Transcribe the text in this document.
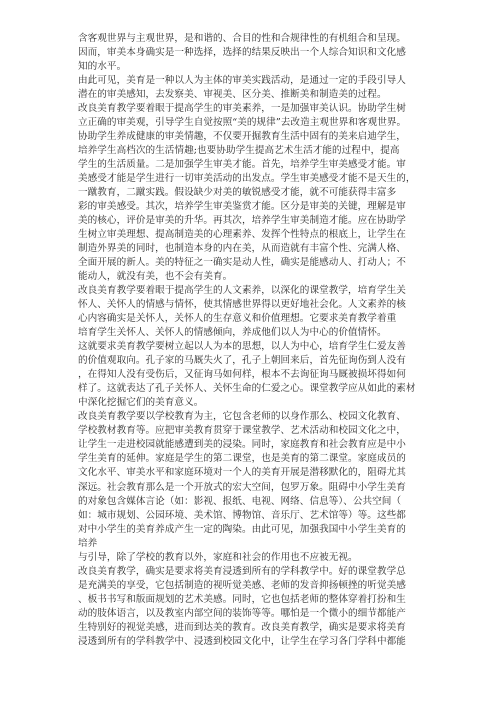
含客观世界与主观世界，是和谐的、合目的性和合规律性的有机组合和呈现。
因而，审美本身确实是一种选择，选择的结果反映出一个人综合知识和文化感
知的水平。
由此可见，美育是一种以人为主体的审美实践活动，是通过一定的手段引导人
潜在的审美感知，去发察美、审视美、区分美、推断美和制造美的过程。
改良美育教学要着眼于提高学生的审美素养，一是加强审美认识。协助学生树
立正确的审美观，引导学生自觉按照“美的规律”去改造主观世界和客观世界。
协助学生养成健康的审美情趣，不仅要开掘教育生活中固有的美来启迪学生，
培养学生高档次的生活情趣;也要协助学生提高艺术生活才能的过程中，提高
学生的生活质量。二是加强学生审美才能。首先，培养学生审美感受才能。审
美感受才能是学生进行一切审美活动的出发点。学生审美感受才能不是天生的，
一蹴教育，二蹴实践。假设缺少对美的敏锐感受才能，就不可能获得丰富多
彩的审美感受。其次，培养学生审美鉴赏才能。区分是审美的关键，理解是审
美的核心，评价是审美的升华。再其次，培养学生审美制造才能。应在协助学
生树立审美理想、提高制造美的心理素养、发挥个性特点的根底上，让学生在
制造外界美的同时，也制造本身的内在美，从而造就有丰富个性、完满人格、
全面开展的新人。美的特征之一确实是动人性，确实是能感动人、打动人；不
能动人，就没有美，也不会有美育。
改良美育教学要着眼于提高学生的人文素养，以深化的课堂教学，培育学生关
怀人、关怀人的情感与情怀，使其情感世界得以更好地社会化。人文素养的核
心内容确实是关怀人，关怀人的生存意义和价值理想。它要求美育教学着重
培育学生关怀人、关怀人的情感倾向，养成他们以人为中心的价值情怀。
这就要求美育教学要树立起以人为本的思想，以人为中心，培育学生仁爱友善
的价值观取向。孔子家的马厩失火了，孔子上朝回来后，首先征询伤到人没有
，在得知人没有受伤后，又征询马如何样，根本不去询征询马厩被损坏得如何
样了。这就表达了孔子关怀人、关怀生命的仁爱之心。课堂教学应从如此的素材
中深化挖掘它们的美育意义。
改良美育教学要以学校教育为主，它包含老师的以身作那么、校园文化教育、
学校教材教育等。应把审美教育贯穿于课堂教学、艺术活动和校园文化之中，
让学生一走进校园就能感遭到美的浸染。同时，家庭教育和社会教育应是中小
学生美育的延伸。家庭是学生的第二课堂，也是美育的第二课堂。家庭成员的
文化水平、审美水平和家庭环境对一个人的美育开展是潜移默化的，阻碍尤其
深远。社会教育那么是一个开放式的宏大空间，包罗万象。阻碍中小学生美育
的对象包含媒体言论（如：影视、报纸、电视、网络、信息等）、公共空间（
如：城市规划、公园环境、美术馆、博物馆、音乐厅、艺术馆等）等。这些都
对中小学生的美育养成产生一定的陶染。由此可见，加强我国中小学生美育的
培养
与引导，除了学校的教育以外，家庭和社会的作用也不应被无视。
改良美育教学，确实是要求将美育浸透到所有的学科教学中。好的课堂教学总
是充满美的享受，它包括制造的视听觉美感、老师的发音抑扬顿挫的听觉美感
、板书书写和版面规划的艺术美感。同时，它也包括老师的整体穿着打扮和生
动的肢体语言，以及教室内部空间的装饰等等。哪怕是一个微小的细节都能产
生特别好的视觉美感，进而到达美的教育。改良美育教学，确实是要求将美育
浸透到所有的学科教学中、浸透到校园文化中，让学生在学习各门学科中都能
